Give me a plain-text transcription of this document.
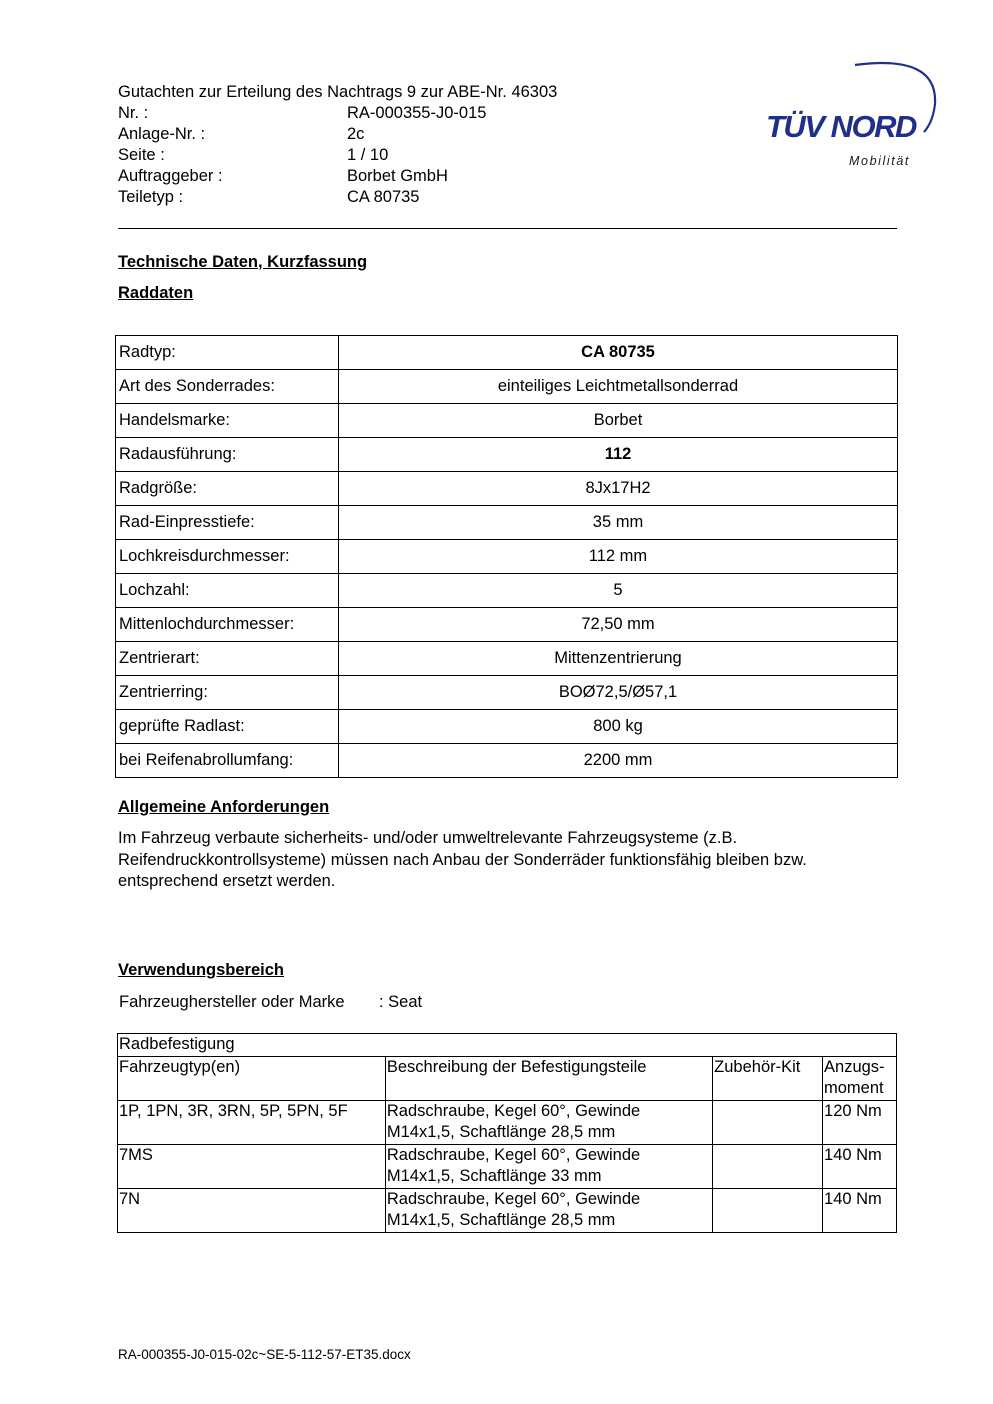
Gutachten zur Erteilung des Nachtrags 9 zur ABE-Nr. 46303
Nr. :	RA-000355-J0-015
Anlage-Nr. :	2c
Seite :	1 / 10
Auftraggeber :	Borbet GmbH
Teiletyp :	CA 80735
TÜV NORD
Mobilität
Technische Daten, Kurzfassung
Raddaten
Radtyp:	CA 80735
Art des Sonderrades:	einteiliges Leichtmetallsonderrad
Handelsmarke:	Borbet
Radausführung:	112
Radgröße:	8Jx17H2
Rad-Einpresstiefe:	35 mm
Lochkreisdurchmesser:	112 mm
Lochzahl:	5
Mittenlochdurchmesser:	72,50 mm
Zentrierart:	Mittenzentrierung
Zentrierring:	BOØ72,5/Ø57,1
geprüfte Radlast:	800 kg
bei Reifenabrollumfang:	2200 mm
Allgemeine Anforderungen
Im Fahrzeug verbaute sicherheits- und/oder umweltrelevante Fahrzeugsysteme (z.B.
Reifendruckkontrollsysteme) müssen nach Anbau der Sonderräder funktionsfähig bleiben bzw.
entsprechend ersetzt werden.
Verwendungsbereich
Fahrzeughersteller oder Marke : Seat
Radbefestigung			
Fahrzeugtyp(en)	Beschreibung der Befestigungsteile	Zubehör-Kit	Anzugs-
moment

1P, 1PN, 3R, 3RN, 5P, 5PN, 5F	Radschraube, Kegel 60°, Gewinde
M14x1,5, Schaftlänge 28,5 mm		120 Nm
7MS	Radschraube, Kegel 60°, Gewinde
M14x1,5, Schaftlänge 33 mm		140 Nm
7N	Radschraube, Kegel 60°, Gewinde
M14x1,5, Schaftlänge 28,5 mm		140 Nm
RA-000355-J0-015-02c~SE-5-112-57-ET35.docx
